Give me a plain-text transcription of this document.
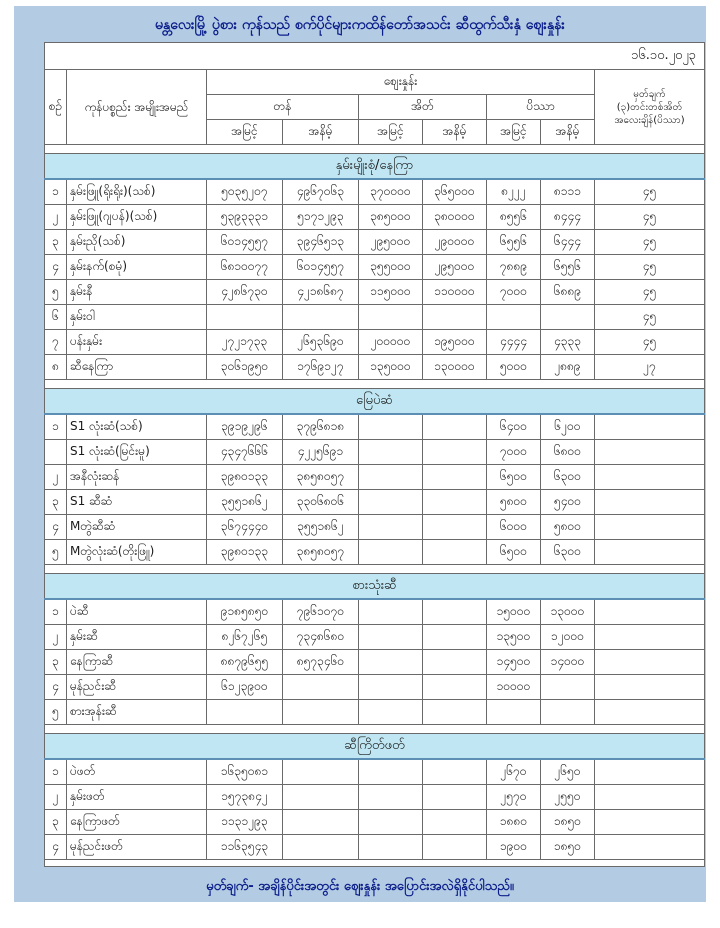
မန္တလေးမြို့ ပွဲစား ကုန်သည် စက်ပိုင်များကထိန်တော်အသင်း ဆီထွက်သီးနှံ စျေးနှုန်း
၁၆.၁၀.၂၀၂၃								
စဉ်	ကုန်ပစ္စည်း အမျိုးအမည်	စျေးနှုန်း						မှတ်ချက်
(၃)တင်းတစ်အိတ်
အလေးချိန်(ပိဿာ)

		တန်		အိတ်		ပိဿာ		
		အမြင့်	အနိမ့်	အမြင့်	အနိမ့်	အမြင့်	အနိမ့်	

နှမ်းမျိုးစုံ/နေကြာ								
၁	နှမ်းဖြူ(ရိုးရိုး)(သစ်)	၅၀၃၅၂၀၇	၄၉၆၇၀၆၃	၃၇၀၀၀၀	၃၆၅၀၀၀	၈၂၂၂	၈၁၁၁	၄၅
၂	နှမ်းဖြူ(ဂျပန်)(သစ်)	၅၃၉၃၃၃၁	၅၁၇၁၂၉၃	၃၈၅၀၀၀	၃၈၀၀၀၀	၈၅၅၆	၈၄၄၄	၄၅
၃	နှမ်းညို(သစ်)	၆၀၁၄၅၅၇	၃၉၄၆၅၁၃	၂၉၅၀၀၀	၂၉၀၀၀၀	၆၅၅၆	၆၄၄၄	၄၅
၄	နှမ်းနက်(စမုံ)	၆၈၁၀၀၇၇	၆၀၁၄၅၅၇	၃၅၅၀၀၀	၂၉၅၀၀၀	၇၈၈၉	၆၅၅၆	၄၅
၅	နှမ်းနီ	၄၂၈၆၇၃၀	၄၂၁၈၆၈၇	၁၁၅၀၀၀	၁၁၀၀၀၀	၇၀၀၀	၆၈၈၉	၄၅
၆	နှမ်းဝါ							၄၅
၇	ပန်းနှမ်း	၂၇၂၁၇၃၃	၂၆၅၃၆၉၀	၂၀၀၀၀၀	၁၉၅၀၀၀	၄၄၄၄	၄၃၃၃	၄၅
၈	ဆီနေကြာ	၃၀၆၁၉၅၀	၁၇၆၉၁၂၇	၁၃၅၀၀၀	၁၃၀၀၀၀	၅၀၀၀	၂၈၈၉	၂၇

မြေပဲဆံ								
၁	S1 လုံးဆံ(သစ်)	၃၉၁၉၂၉၆	၃၇၉၆၈၁၈			၆၄၀၀	၆၂၀၀	
	S1 လုံးဆံ(မြင်းမူ)	၄၃၄၇၆၆၆	၄၂၂၅၆၉၁			၇၀၀၀	၆၈၀၀	
၂	အနီလုံးဆန်	၃၉၈၀၁၃၃	၃၈၅၈၀၅၇			၆၅၀၀	၆၃၀၀	
၃	S1 ဆီဆံ	၃၅၅၁၈၆၂	၃၃၀၆၈၀၆			၅၈၀၀	၅၄၀၀	
၄	Mတွဲဆီဆံ	၃၆၇၄၄၄၀	၃၅၅၁၈၆၂			၆၀၀၀	၅၈၀၀	
၅	Mတွဲလုံးဆံ(တိုးဖြူ)	၃၉၈၀၁၃၃	၃၈၅၈၀၅၇			၆၅၀၀	၆၃၀၀	

စားသုံးဆီ								
၁	ပဲဆီ	၉၁၈၅၈၅၀	၇၉၆၁၀၇၀			၁၅၀၀၀	၁၃၀၀၀	
၂	နှမ်းဆီ	၈၂၆၇၂၆၅	၇၃၄၈၆၈၀			၁၃၅၀၀	၁၂၀၀၀	
၃	နေကြာဆီ	၈၈၇၉၆၅၅	၈၅၇၃၄၆၀			၁၄၅၀၀	၁၄၀၀၀	
၄	မုန်ညင်းဆီ	၆၁၂၃၉၀၀				၁၀၀၀၀		
၅	စားအုန်းဆီ							

ဆီကြိတ်ဖတ်								
၁	ပဲဖတ်	၁၆၃၅၀၈၁				၂၆၇၀	၂၆၅၀	
၂	နှမ်းဖတ်	၁၅၇၃၈၄၂				၂၅၇၀	၂၅၅၀	
၃	နေကြာဖတ်	၁၁၃၁၂၉၃				၁၈၈၀	၁၈၅၀	
၄	မုန်ညင်းဖတ်	၁၁၆၃၅၄၃				၁၉၀၀	၁၈၅၀	

မှတ်ချက်- အချိန်ပိုင်းအတွင်း စျေးနှုန်း အပြောင်းအလဲရှိနိုင်ပါသည်။
